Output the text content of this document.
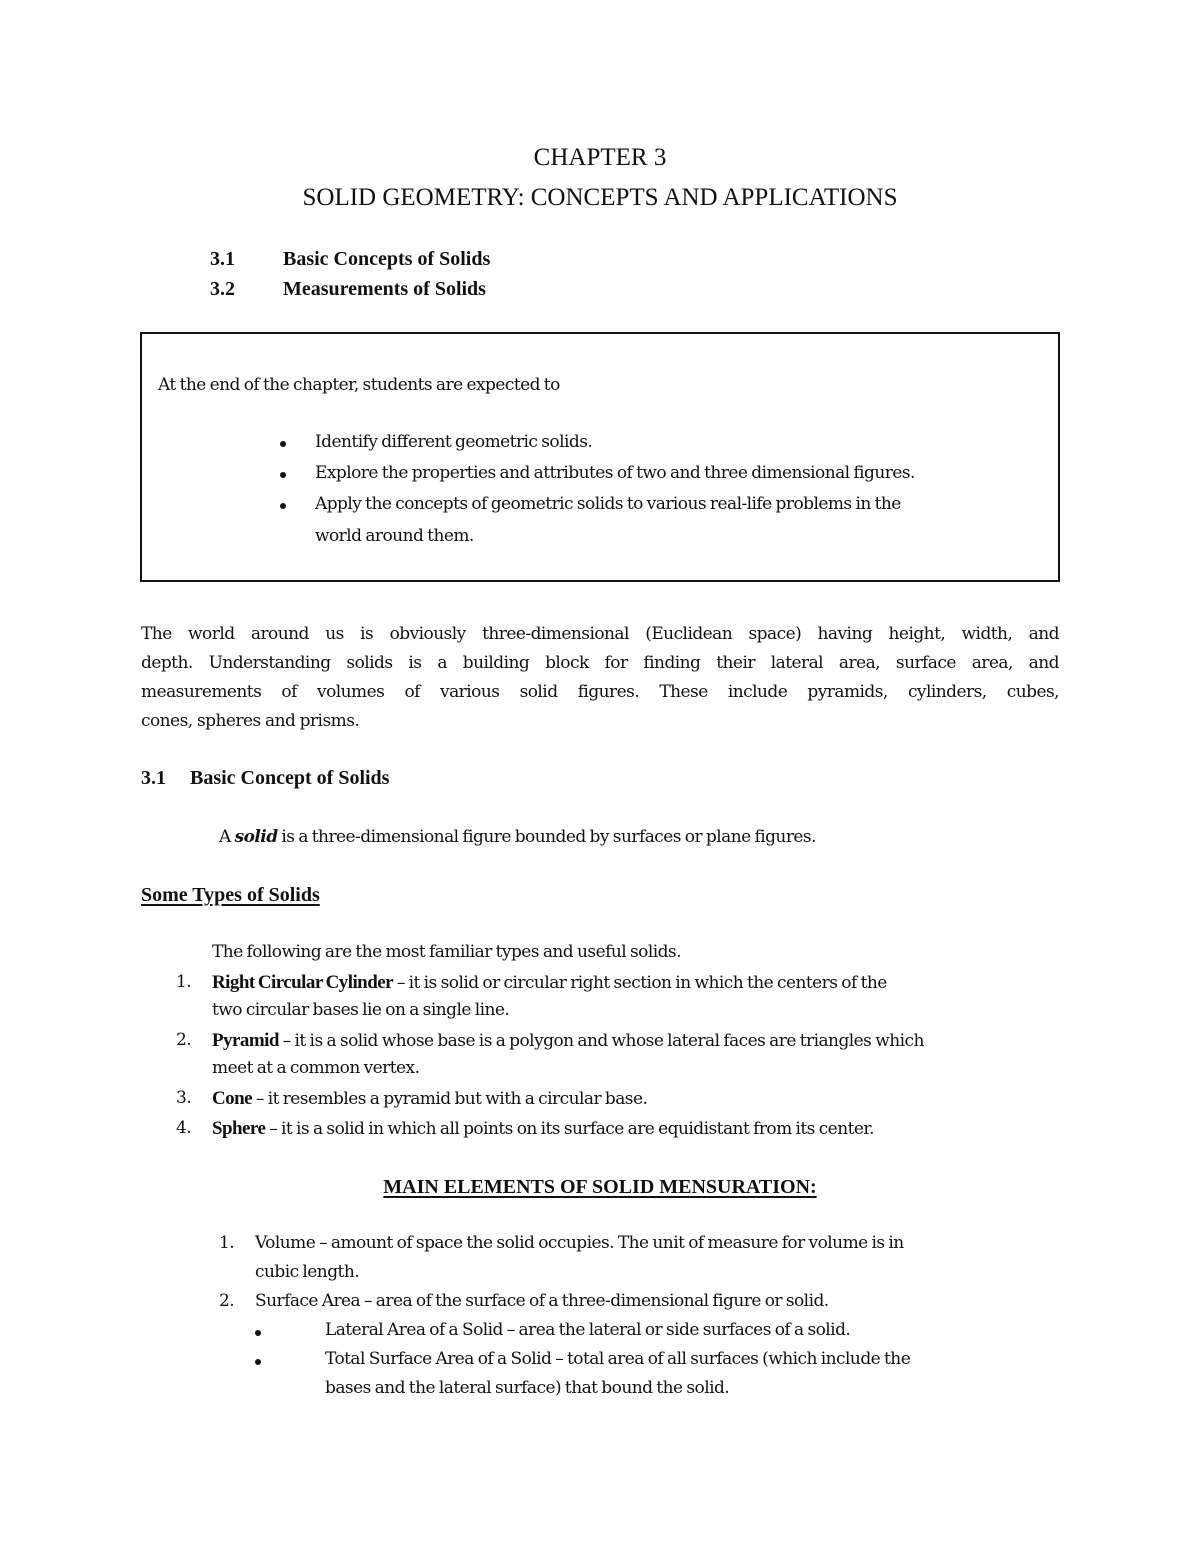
CHAPTER 3
SOLID GEOMETRY: CONCEPTS AND APPLICATIONS
3.1 Basic Concepts of Solids
3.2 Measurements of Solids
At the end of the chapter, students are expected to
Identify different geometric solids.
Explore the properties and attributes of two and three dimensional figures.
Apply the concepts of geometric solids to various real-life problems in the
world around them.
The world around us is obviously three-dimensional (Euclidean space) having height, width, and
depth. Understanding solids is a building block for finding their lateral area, surface area, and
measurements of volumes of various solid figures. These include pyramids, cylinders, cubes,
cones, spheres and prisms.
3.1 Basic Concept of Solids
A solid is a three-dimensional figure bounded by surfaces or plane figures.
Some Types of Solids
The following are the most familiar types and useful solids.
1. Right Circular Cylinder – it is solid or circular right section in which the centers of the
two circular bases lie on a single line.
2. Pyramid – it is a solid whose base is a polygon and whose lateral faces are triangles which
meet at a common vertex.
3. Cone – it resembles a pyramid but with a circular base.
4. Sphere – it is a solid in which all points on its surface are equidistant from its center.
MAIN ELEMENTS OF SOLID MENSURATION:
1. Volume – amount of space the solid occupies. The unit of measure for volume is in
cubic length.
2. Surface Area – area of the surface of a three-dimensional figure or solid.
Lateral Area of a Solid – area the lateral or side surfaces of a solid.
Total Surface Area of a Solid – total area of all surfaces (which include the
bases and the lateral surface) that bound the solid.
